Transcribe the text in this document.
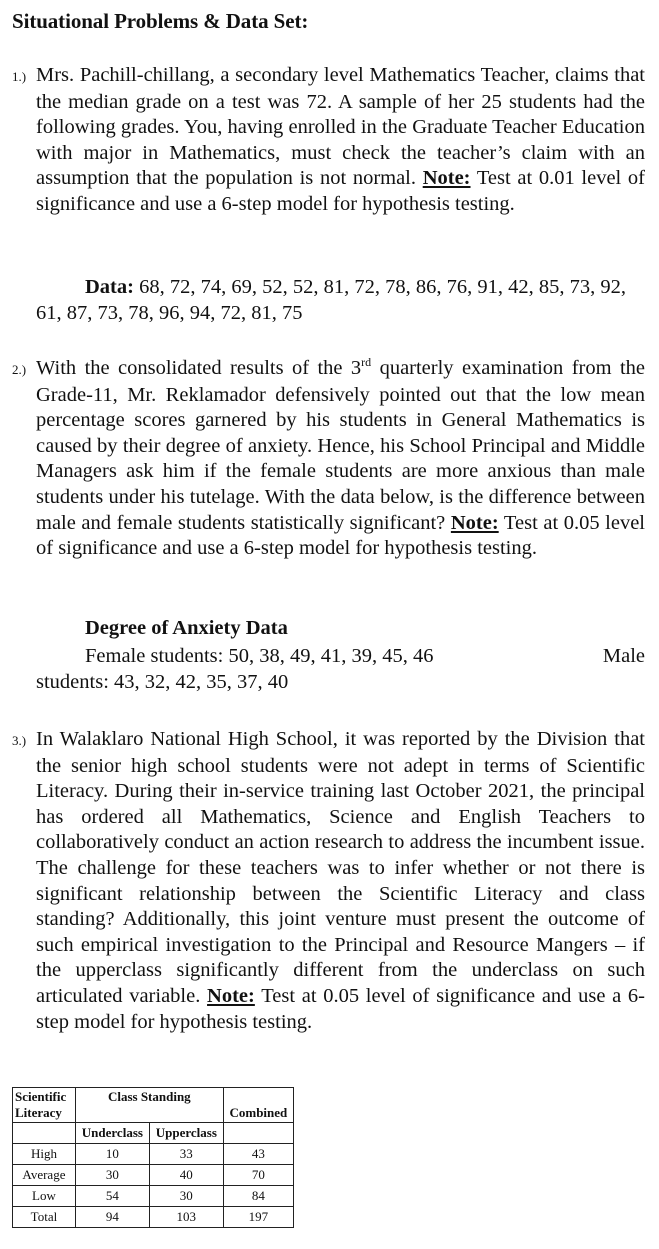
Situational Problems & Data Set:

1.) Mrs. Pachill-chillang, a secondary level Mathematics Teacher, claims that the median grade on a test was 72. A sample of her 25 students had the following grades. You, having enrolled in the Graduate Teacher Education with major in Mathematics, must check the teacher’s claim with an assumption that the population is not normal. Note: Test at 0.01 level of significance and use a 6-step model for hypothesis testing.

Data: 68, 72, 74, 69, 52, 52, 81, 72, 78, 86, 76, 91, 42, 85, 73, 92, 61, 87, 73, 78, 96, 94, 72, 81, 75

2.) With the consolidated results of the 3rd quarterly examination from the Grade-11, Mr. Reklamador defensively pointed out that the low mean percentage scores garnered by his students in General Mathematics is caused by their degree of anxiety. Hence, his School Principal and Middle Managers ask him if the female students are more anxious than male students under his tutelage. With the data below, is the difference between male and female students statistically significant? Note: Test at 0.05 level of significance and use a 6-step model for hypothesis testing.

Degree of Anxiety Data
Female students: 50, 38, 49, 41, 39, 45, 46	Male
students: 43, 32, 42, 35, 37, 40

3.) In Walaklaro National High School, it was reported by the Division that the senior high school students were not adept in terms of Scientific Literacy. During their in-service training last October 2021, the principal has ordered all Mathematics, Science and English Teachers to collaboratively conduct an action research to address the incumbent issue. The challenge for these teachers was to infer whether or not there is significant relationship between the Scientific Literacy and class standing? Additionally, this joint venture must present the outcome of such empirical investigation to the Principal and Resource Mangers – if the upperclass significantly different from the underclass on such articulated variable. Note: Test at 0.05 level of significance and use a 6-step model for hypothesis testing.

Scientific
Literacy	Class Standing		Combined

	Underclass	Upperclass	
High	10	33	43
Average	30	40	70
Low	54	30	84
Total	94	103	197
